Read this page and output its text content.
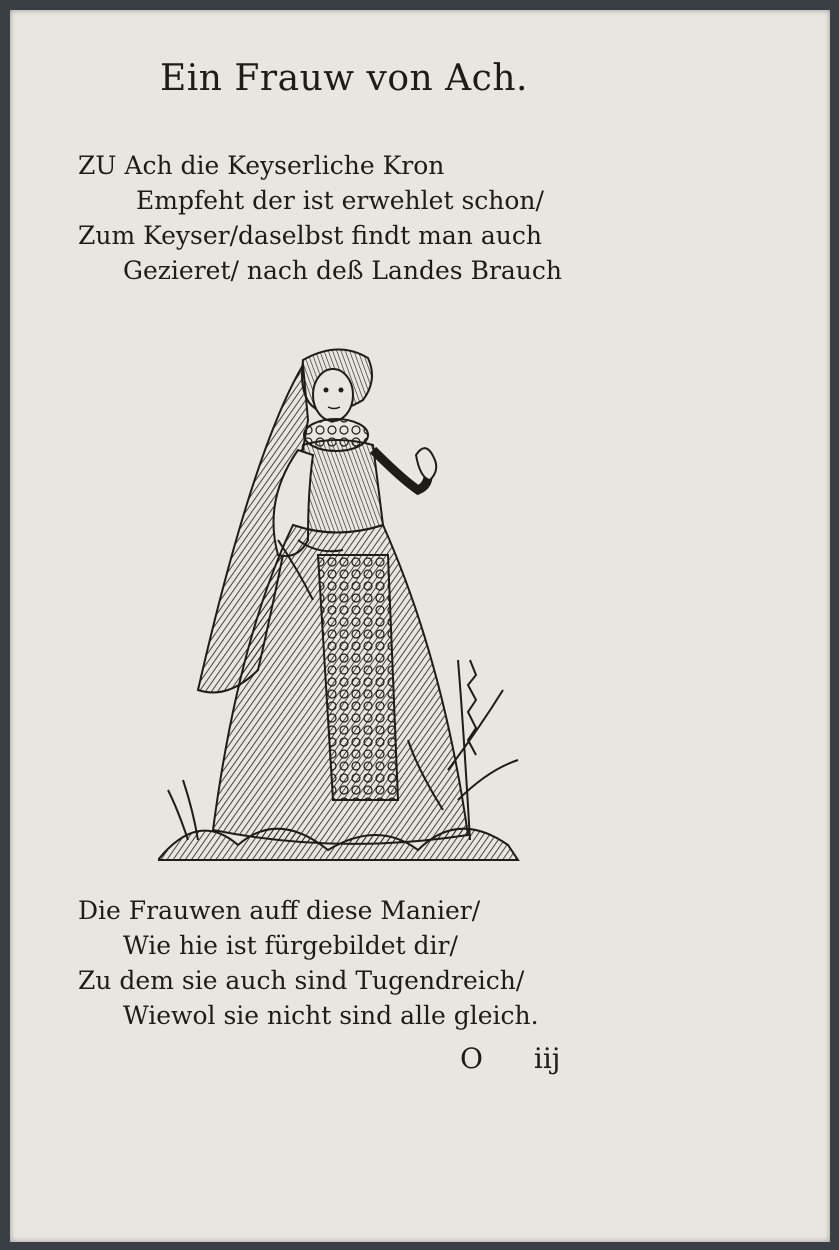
Ein Frauw von Ach.
ZU Ach die Keyserliche Kron
Empfeht der ist erwehlet schon/
Zum Keyser/daselbst findt man auch
Gezieret/ nach deß Landes Brauch
Die Frauwen auff diese Manier/
Wie hie ist fürgebildet dir/
Zu dem sie auch sind Tugendreich/
Wiewol sie nicht sind alle gleich.
O iij
